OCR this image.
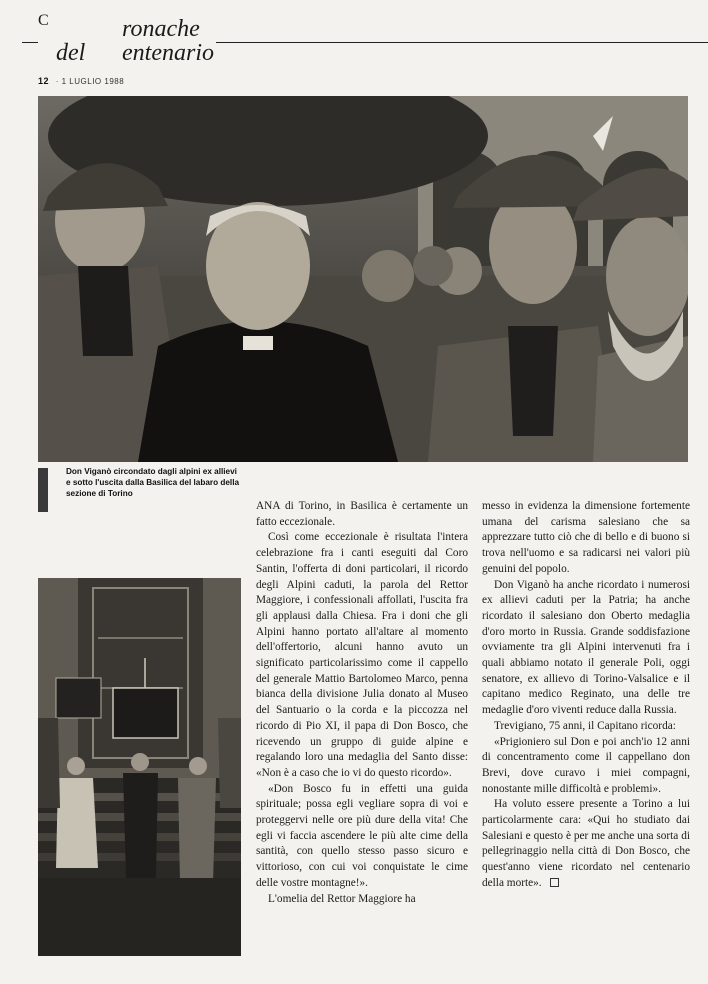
C	ronache
del entenario
12 · 1 LUGLIO 1988
Don Viganò circondato dagli alpini ex allievi e sotto l'uscita dalla Basilica del labaro della sezione di Torino

ANA di Torino, in Basilica è certamente un fatto eccezionale.

Così come eccezionale è risultata l'intera celebrazione fra i canti eseguiti dal Coro Santin, l'offerta di doni particolari, il ricordo degli Alpini caduti, la parola del Rettor Maggiore, i confessionali affollati, l'uscita fra gli applausi dalla Chiesa. Fra i doni che gli Alpini hanno portato all'altare al momento dell'offertorio, alcuni hanno avuto un significato particolarissimo come il cappello del generale Mattio Bartolomeo Marco, penna bianca della divisione Julia donato al Museo del Santuario o la corda e la piccozza nel ricordo di Pio XI, il papa di Don Bosco, che ricevendo un gruppo di guide alpine e regalando loro una medaglia del Santo disse: «Non è a caso che io vi do questo ricordo».

«Don Bosco fu in effetti una guida spirituale; possa egli vegliare sopra di voi e proteggervi nelle ore più dure della vita! Che egli vi faccia ascendere le più alte cime della santità, con quello stesso passo sicuro e vittorioso, con cui voi conquistate le cime delle vostre montagne!».

L'omelia del Rettor Maggiore ha

messo in evidenza la dimensione fortemente umana del carisma salesiano che sa apprezzare tutto ciò che di bello e di buono si trova nell'uomo e sa radicarsi nei valori più genuini del popolo.

Don Viganò ha anche ricordato i numerosi ex allievi caduti per la Patria; ha anche ricordato il salesiano don Oberto medaglia d'oro morto in Russia. Grande soddisfazione ovviamente tra gli Alpini intervenuti fra i quali abbiamo notato il generale Poli, oggi senatore, ex allievo di Torino-Valsalice e il capitano medico Reginato, una delle tre medaglie d'oro viventi reduce dalla Russia.

Trevigiano, 75 anni, il Capitano ricorda:

«Prigioniero sul Don e poi anch'io 12 anni di concentramento come il cappellano don Brevi, dove curavo i miei compagni, nonostante mille difficoltà e problemi».

Ha voluto essere presente a Torino a lui particolarmente cara: «Qui ho studiato dai Salesiani e questo è per me anche una sorta di pellegrinaggio nella città di Don Bosco, che quest'anno viene ricordato nel centenario della morte».
